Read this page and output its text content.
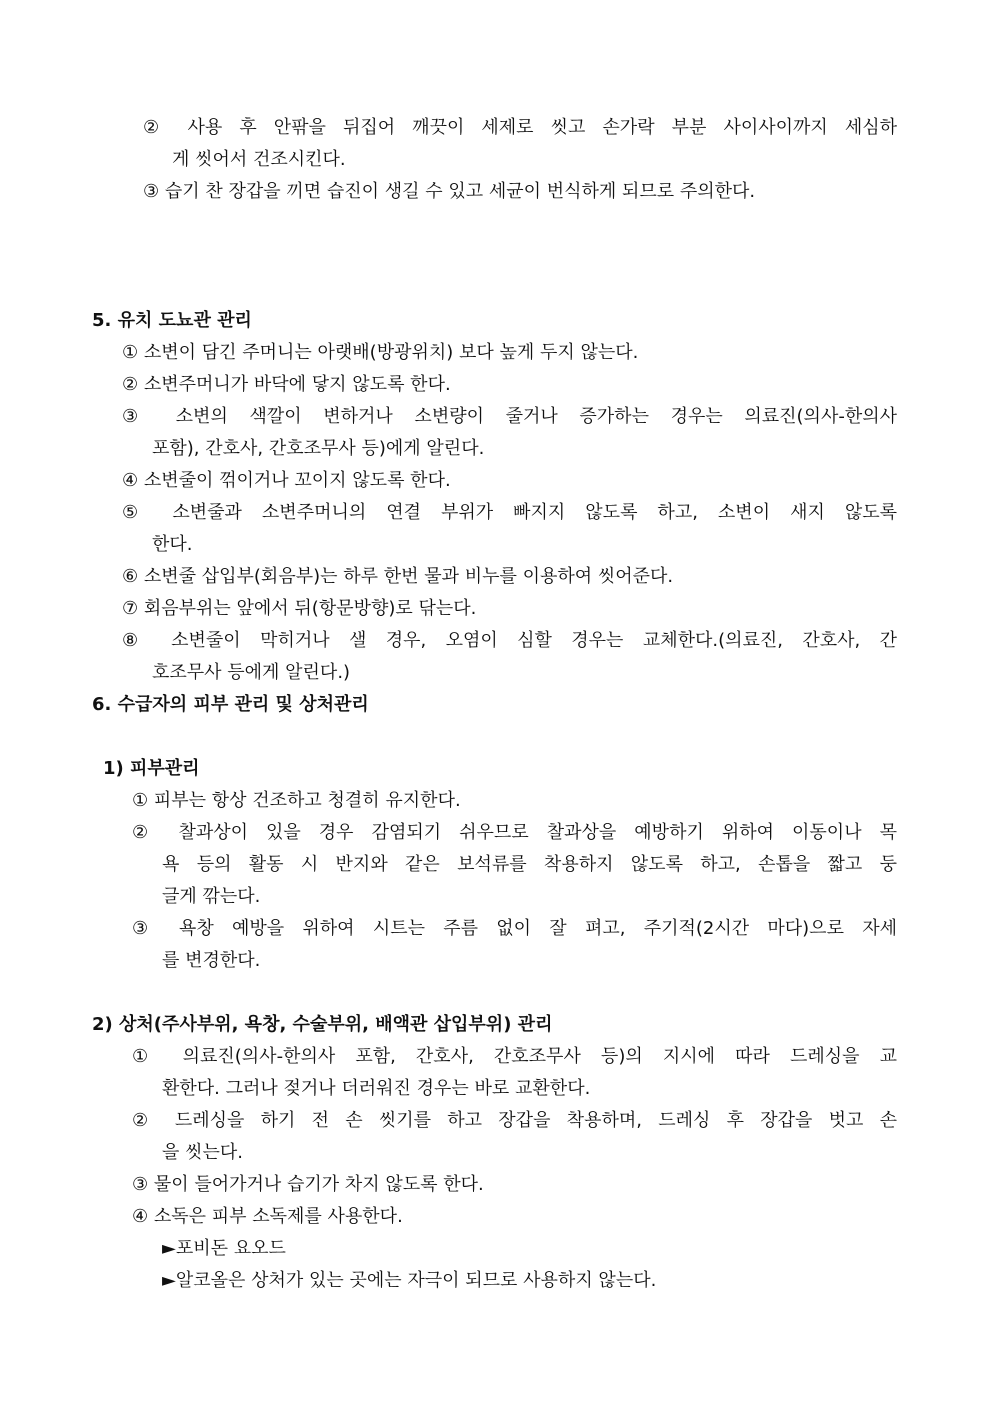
② 사용 후 안팎을 뒤집어 깨끗이 세제로 씻고 손가락 부분 사이사이까지 세심하
게 씻어서 건조시킨다.
③ 습기 찬 장갑을 끼면 습진이 생길 수 있고 세균이 번식하게 되므로 주의한다.
5. 유치 도뇨관 관리
① 소변이 담긴 주머니는 아랫배(방광위치) 보다 높게 두지 않는다.
② 소변주머니가 바닥에 닿지 않도록 한다.
③ 소변의 색깔이 변하거나 소변량이 줄거나 증가하는 경우는 의료진(의사-한의사
포함), 간호사, 간호조무사 등)에게 알린다.
④ 소변줄이 꺾이거나 꼬이지 않도록 한다.
⑤ 소변줄과 소변주머니의 연결 부위가 빠지지 않도록 하고, 소변이 새지 않도록
한다.
⑥ 소변줄 삽입부(회음부)는 하루 한번 물과 비누를 이용하여 씻어준다.
⑦ 회음부위는 앞에서 뒤(항문방향)로 닦는다.
⑧ 소변줄이 막히거나 샐 경우, 오염이 심할 경우는 교체한다.(의료진, 간호사, 간
호조무사 등에게 알린다.)
6. 수급자의 피부 관리 및 상처관리
1) 피부관리
① 피부는 항상 건조하고 청결히 유지한다.
② 찰과상이 있을 경우 감염되기 쉬우므로 찰과상을 예방하기 위하여 이동이나 목
욕 등의 활동 시 반지와 같은 보석류를 착용하지 않도록 하고, 손톱을 짧고 둥
글게 깎는다.
③ 욕창 예방을 위하여 시트는 주름 없이 잘 펴고, 주기적(2시간 마다)으로 자세
를 변경한다.
2) 상처(주사부위, 욕창, 수술부위, 배액관 삽입부위) 관리
① 의료진(의사-한의사 포함, 간호사, 간호조무사 등)의 지시에 따라 드레싱을 교
환한다. 그러나 젖거나 더러워진 경우는 바로 교환한다.
② 드레싱을 하기 전 손 씻기를 하고 장갑을 착용하며, 드레싱 후 장갑을 벗고 손
을 씻는다.
③ 물이 들어가거나 습기가 차지 않도록 한다.
④ 소독은 피부 소독제를 사용한다.
►포비돈 요오드
►알코올은 상처가 있는 곳에는 자극이 되므로 사용하지 않는다.
